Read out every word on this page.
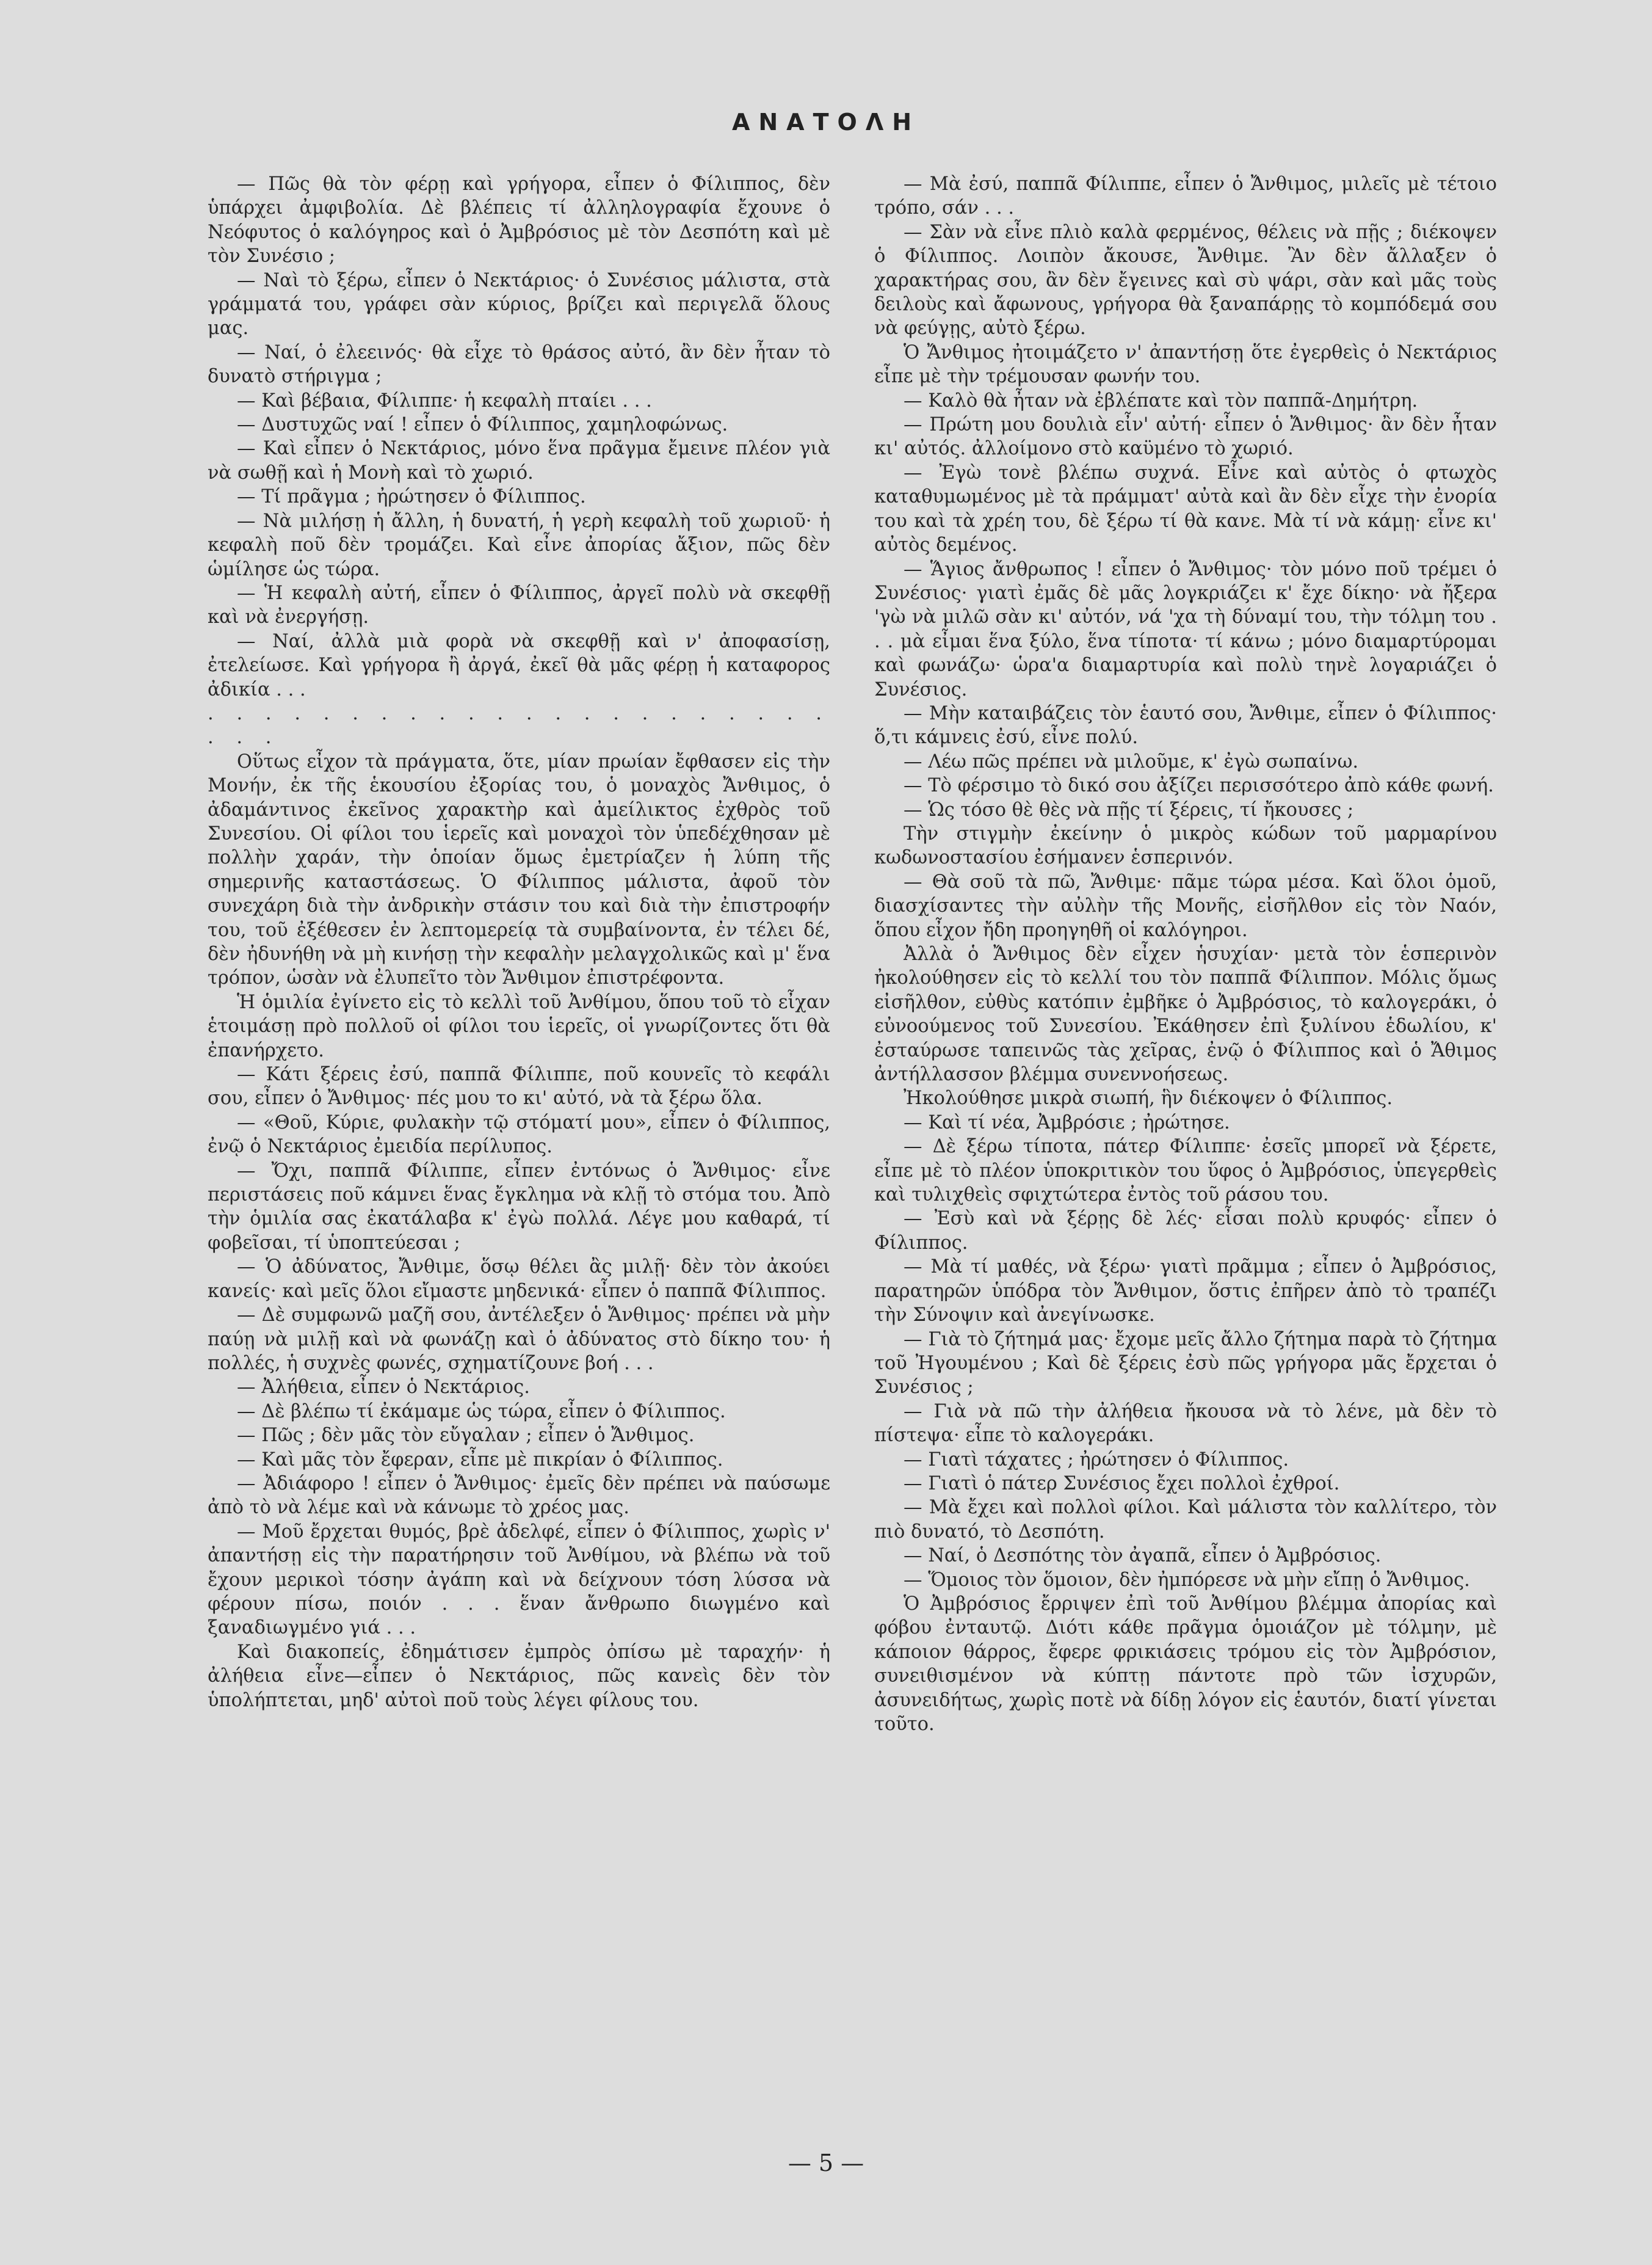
ΑΝΑΤΟΛΗ

— Πῶς θὰ τὸν φέρῃ καὶ γρήγορα, εἶπεν ὁ Φίλιππος, δὲν ὑπάρχει ἀμφιβολία. Δὲ βλέπεις τί ἀλληλογραφία ἔχουνε ὁ Νεόφυτος ὁ καλόγηρος καὶ ὁ Ἀμβρόσιος μὲ τὸν Δεσπότη καὶ μὲ τὸν Συνέσιο ;

— Ναὶ τὸ ξέρω, εἶπεν ὁ Νεκτάριος· ὁ Συνέσιος μάλιστα, στὰ γράμματά του, γράφει σὰν κύριος, βρίζει καὶ περιγελᾶ ὅλους μας.

— Ναί, ὁ ἐλεεινός· θὰ εἶχε τὸ θράσος αὐτό, ἂν δὲν ἦταν τὸ δυνατὸ στήριγμα ;

— Καὶ βέβαια, Φίλιππε· ἡ κεφαλὴ πταίει . . .

— Δυστυχῶς ναί ! εἶπεν ὁ Φίλιππος, χαμηλοφώνως.

— Καὶ εἶπεν ὁ Νεκτάριος, μόνο ἕνα πρᾶγμα ἔμεινε πλέον γιὰ νὰ σωθῇ καὶ ἡ Μονὴ καὶ τὸ χωριό.

— Τί πρᾶγμα ; ἠρώτησεν ὁ Φίλιππος.

— Νὰ μιλήσῃ ἡ ἄλλη, ἡ δυνατή, ἡ γερὴ κεφαλὴ τοῦ χωριοῦ· ἡ κεφαλὴ ποῦ δὲν τρομάζει. Καὶ εἶνε ἀπορίας ἄξιον, πῶς δὲν ὡμίλησε ὡς τώρα.

— Ἡ κεφαλὴ αὐτή, εἶπεν ὁ Φίλιππος, ἀργεῖ πολὺ νὰ σκεφθῇ καὶ νὰ ἐνεργήσῃ.

— Ναί, ἀλλὰ μιὰ φορὰ νὰ σκεφθῇ καὶ ν' ἀποφασίσῃ, ἐτελείωσε. Καὶ γρήγορα ἢ ἀργά, ἐκεῖ θὰ μᾶς φέρῃ ἡ καταφορος ἀδικία . . .

. . . . . . . . . . . . . . . . . . . . . . . . .

Οὕτως εἶχον τὰ πράγματα, ὅτε, μίαν πρωίαν ἔφθασεν εἰς τὴν Μονήν, ἐκ τῆς ἑκουσίου ἐξορίας του, ὁ μοναχὸς Ἄνθιμος, ὁ ἀδαμάντινος ἐκεῖνος χαρακτὴρ καὶ ἀμείλικτος ἐχθρὸς τοῦ Συνεσίου. Οἱ φίλοι του ἱερεῖς καὶ μοναχοὶ τὸν ὑπεδέχθησαν μὲ πολλὴν χαράν, τὴν ὁποίαν ὅμως ἐμετρίαζεν ἡ λύπη τῆς σημερινῆς καταστάσεως. Ὁ Φίλιππος μάλιστα, ἀφοῦ τὸν συνεχάρη διὰ τὴν ἀνδρικὴν στάσιν του καὶ διὰ τὴν ἐπιστροφήν του, τοῦ ἐξέθεσεν ἐν λεπτομερείᾳ τὰ συμβαίνοντα, ἐν τέλει δέ, δὲν ἠδυνήθη νὰ μὴ κινήσῃ τὴν κεφαλὴν μελαγχολικῶς καὶ μ' ἕνα τρόπον, ὡσὰν νὰ ἐλυπεῖτο τὸν Ἄνθιμον ἐπιστρέφοντα.

Ἡ ὁμιλία ἐγίνετο εἰς τὸ κελλὶ τοῦ Ἀνθίμου, ὅπου τοῦ τὸ εἶχαν ἑτοιμάσῃ πρὸ πολλοῦ οἱ φίλοι του ἱερεῖς, οἱ γνωρίζοντες ὅτι θὰ ἐπανήρχετο.

— Κάτι ξέρεις ἐσύ, παππᾶ Φίλιππε, ποῦ κουνεῖς τὸ κεφάλι σου, εἶπεν ὁ Ἄνθιμος· πές μου το κι' αὐτό, νὰ τὰ ξέρω ὅλα.

— «Θοῦ, Κύριε, φυλακὴν τῷ στόματί μου», εἶπεν ὁ Φίλιππος, ἐνῷ ὁ Νεκτάριος ἐμειδία περίλυπος.

— Ὄχι, παππᾶ Φίλιππε, εἶπεν ἐντόνως ὁ Ἄνθιμος· εἶνε περιστάσεις ποῦ κάμνει ἕνας ἔγκλημα νὰ κλῇ τὸ στόμα του. Ἀπὸ τὴν ὁμιλία σας ἐκατάλαβα κ' ἐγὼ πολλά. Λέγε μου καθαρά, τί φοβεῖσαι, τί ὑποπτεύεσαι ;

— Ὁ ἀδύνατος, Ἄνθιμε, ὅσῳ θέλει ἂς μιλῇ· δὲν τὸν ἀκούει κανείς· καὶ μεῖς ὅλοι εἴμαστε μηδενικά· εἶπεν ὁ παππᾶ Φίλιππος.

— Δὲ συμφωνῶ μαζῆ σου, ἀντέλεξεν ὁ Ἄνθιμος· πρέπει νὰ μὴν παύῃ νὰ μιλῇ καὶ νὰ φωνάζῃ καὶ ὁ ἀδύνατος στὸ δίκηο του· ἡ πολλές, ἡ συχνὲς φωνές, σχηματίζουνε βοή . . .

— Ἀλήθεια, εἶπεν ὁ Νεκτάριος.

— Δὲ βλέπω τί ἐκάμαμε ὡς τώρα, εἶπεν ὁ Φίλιππος.

— Πῶς ; δὲν μᾶς τὸν εὔγαλαν ; εἶπεν ὁ Ἄνθιμος.

— Καὶ μᾶς τὸν ἔφεραν, εἶπε μὲ πικρίαν ὁ Φίλιππος.

— Ἀδιάφορο ! εἶπεν ὁ Ἄνθιμος· ἐμεῖς δὲν πρέπει νὰ παύσωμε ἀπὸ τὸ νὰ λέμε καὶ νὰ κάνωμε τὸ χρέος μας.

— Μοῦ ἔρχεται θυμός, βρὲ ἀδελφέ, εἶπεν ὁ Φίλιππος, χωρὶς ν' ἀπαντήσῃ εἰς τὴν παρατήρησιν τοῦ Ἀνθίμου, νὰ βλέπω νὰ τοῦ ἔχουν μερικοὶ τόσην ἀγάπη καὶ νὰ δείχνουν τόση λύσσα νὰ φέρουν πίσω, ποιόν . . . ἕναν ἄνθρωπο διωγμένο καὶ ξαναδιωγμένο γιά . . .

Καὶ διακοπείς, ἐδημάτισεν ἐμπρὸς ὀπίσω μὲ ταραχήν· ἡ ἀλήθεια εἶνε—εἶπεν ὁ Νεκτάριος, πῶς κανεὶς δὲν τὸν ὑπολήπτεται, μηδ' αὐτοὶ ποῦ τοὺς λέγει φίλους του.

— Μὰ ἐσύ, παππᾶ Φίλιππε, εἶπεν ὁ Ἄνθιμος, μιλεῖς μὲ τέτοιο τρόπο, σάν . . .

— Σὰν νὰ εἶνε πλιὸ καλὰ φερμένος, θέλεις νὰ πῇς ; διέκοψεν ὁ Φίλιππος. Λοιπὸν ἄκουσε, Ἄνθιμε. Ἂν δὲν ἄλλαξεν ὁ χαρακτήρας σου, ἂν δὲν ἔγεινες καὶ σὺ ψάρι, σὰν καὶ μᾶς τοὺς δειλοὺς καὶ ἄφωνους, γρήγορα θὰ ξαναπάρῃς τὸ κομπόδεμά σου νὰ φεύγῃς, αὐτὸ ξέρω.

Ὁ Ἄνθιμος ἠτοιμάζετο ν' ἀπαντήσῃ ὅτε ἐγερθεὶς ὁ Νεκτάριος εἶπε μὲ τὴν τρέμουσαν φωνήν του.

— Καλὸ θὰ ἦταν νὰ ἐβλέπατε καὶ τὸν παππᾶ-Δημήτρη.

— Πρώτη μου δουλιὰ εἶν' αὐτή· εἶπεν ὁ Ἄνθιμος· ἂν δὲν ἦταν κι' αὐτός. ἀλλοίμονο στὸ καϋμένο τὸ χωριό.

— Ἐγὼ τονὲ βλέπω συχνά. Εἶνε καὶ αὐτὸς ὁ φτωχὸς καταθυμωμένος μὲ τὰ πράμματ' αὐτὰ καὶ ἂν δὲν εἶχε τὴν ἐνορία του καὶ τὰ χρέη του, δὲ ξέρω τί θὰ κανε. Μὰ τί νὰ κάμῃ· εἶνε κι' αὐτὸς δεμένος.

— Ἅγιος ἄνθρωπος ! εἶπεν ὁ Ἄνθιμος· τὸν μόνο ποῦ τρέμει ὁ Συνέσιος· γιατὶ ἐμᾶς δὲ μᾶς λογκριάζει κ' ἔχε δίκηο· νὰ ἤξερα 'γὼ νὰ μιλῶ σὰν κι' αὐτόν, νά 'χα τὴ δύναμί του, τὴν τόλμη του . . . μὰ εἶμαι ἕνα ξύλο, ἕνα τίποτα· τί κάνω ; μόνο διαμαρτύρομαι καὶ φωνάζω· ὡρα'α διαμαρτυρία καὶ πολὺ τηνὲ λογαριάζει ὁ Συνέσιος.

— Μὴν καταιβάζεις τὸν ἑαυτό σου, Ἄνθιμε, εἶπεν ὁ Φίλιππος· ὅ,τι κάμνεις ἐσύ, εἶνε πολύ.

— Λέω πῶς πρέπει νὰ μιλοῦμε, κ' ἐγὼ σωπαίνω.

— Τὸ φέρσιμο τὸ δικό σου ἀξίζει περισσότερο ἀπὸ κάθε φωνή.

— Ὡς τόσο θὲ θὲς νὰ πῇς τί ξέρεις, τί ἤκουσες ;

Τὴν στιγμὴν ἐκείνην ὁ μικρὸς κώδων τοῦ μαρμαρίνου κωδωνοστασίου ἐσήμανεν ἑσπερινόν.

— Θὰ σοῦ τὰ πῶ, Ἄνθιμε· πᾶμε τώρα μέσα. Καὶ ὅλοι ὁμοῦ, διασχίσαντες τὴν αὐλὴν τῆς Μονῆς, εἰσῆλθον εἰς τὸν Ναόν, ὅπου εἶχον ἤδη προηγηθῆ οἱ καλόγηροι.

Ἀλλὰ ὁ Ἄνθιμος δὲν εἶχεν ἡσυχίαν· μετὰ τὸν ἑσπερινὸν ἠκολούθησεν εἰς τὸ κελλί του τὸν παππᾶ Φίλιππον. Μόλις ὅμως εἰσῆλθον, εὐθὺς κατόπιν ἐμβῆκε ὁ Ἀμβρόσιος, τὸ καλογεράκι, ὁ εὐνοούμενος τοῦ Συνεσίου. Ἐκάθησεν ἐπὶ ξυλίνου ἑδωλίου, κ' ἐσταύρωσε ταπεινῶς τὰς χεῖρας, ἐνῷ ὁ Φίλιππος καὶ ὁ Ἄθιμος ἀντήλλασσον βλέμμα συνεννοήσεως.

Ἠκολούθησε μικρὰ σιωπή, ἣν διέκοψεν ὁ Φίλιππος.

— Καὶ τί νέα, Ἀμβρόσιε ; ἠρώτησε.

— Δὲ ξέρω τίποτα, πάτερ Φίλιππε· ἐσεῖς μπορεῖ νὰ ξέρετε, εἶπε μὲ τὸ πλέον ὑποκριτικὸν του ὕφος ὁ Ἀμβρόσιος, ὑπεγερθεὶς καὶ τυλιχθεὶς σφιχτώτερα ἐντὸς τοῦ ράσου του.

— Ἐσὺ καὶ νὰ ξέρῃς δὲ λές· εἶσαι πολὺ κρυφός· εἶπεν ὁ Φίλιππος.

— Μὰ τί μαθές, νὰ ξέρω· γιατὶ πρᾶμμα ; εἶπεν ὁ Ἀμβρόσιος, παρατηρῶν ὑπόδρα τὸν Ἄνθιμον, ὅστις ἐπῆρεν ἀπὸ τὸ τραπέζι τὴν Σύνοψιν καὶ ἀνεγίνωσκε.

— Γιὰ τὸ ζήτημά μας· ἔχομε μεῖς ἄλλο ζήτημα παρὰ τὸ ζήτημα τοῦ Ἠγουμένου ; Καὶ δὲ ξέρεις ἐσὺ πῶς γρήγορα μᾶς ἔρχεται ὁ Συνέσιος ;

— Γιὰ νὰ πῶ τὴν ἀλήθεια ἤκουσα νὰ τὸ λένε, μὰ δὲν τὸ πίστεψα· εἶπε τὸ καλογεράκι.

— Γιατὶ τάχατες ; ἠρώτησεν ὁ Φίλιππος.

— Γιατὶ ὁ πάτερ Συνέσιος ἔχει πολλοὶ ἐχθροί.

— Μὰ ἔχει καὶ πολλοὶ φίλοι. Καὶ μάλιστα τὸν καλλίτερο, τὸν πιὸ δυνατό, τὸ Δεσπότη.

— Ναί, ὁ Δεσπότης τὸν ἀγαπᾶ, εἶπεν ὁ Ἀμβρόσιος.

— Ὅμοιος τὸν ὅμοιον, δὲν ἠμπόρεσε νὰ μὴν εἴπῃ ὁ Ἄνθιμος.

Ὁ Ἀμβρόσιος ἔρριψεν ἐπὶ τοῦ Ἀνθίμου βλέμμα ἀπορίας καὶ φόβου ἐνταυτῷ. Διότι κάθε πρᾶγμα ὁμοιάζον μὲ τόλμην, μὲ κάποιον θάρρος, ἔφερε φρικιάσεις τρόμου εἰς τὸν Ἀμβρόσιον, συνειθισμένον νὰ κύπτῃ πάντοτε πρὸ τῶν ἰσχυρῶν, ἀσυνειδήτως, χωρὶς ποτὲ νὰ δίδῃ λόγον εἰς ἑαυτόν, διατί γίνεται τοῦτο.

— 5 —
